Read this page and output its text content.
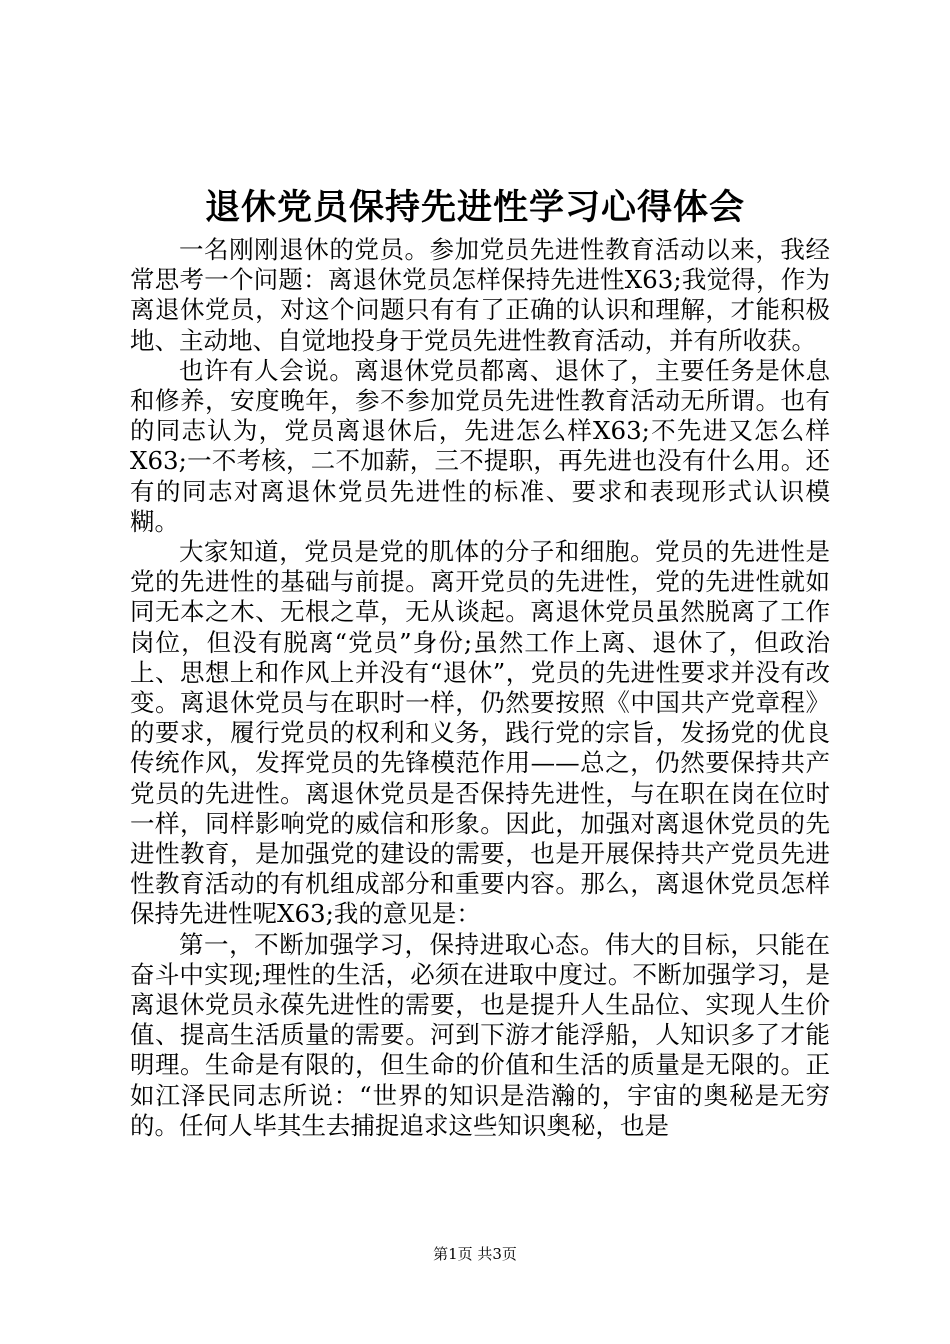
退休党员保持先进性学习心得体会

一名刚刚退休的党员。参加党员先进性教育活动以来，我经常思考一个问题：离退休党员怎样保持先进性X63;我觉得，作为离退休党员，对这个问题只有有了正确的认识和理解，才能积极地、主动地、自觉地投身于党员先进性教育活动，并有所收获。

也许有人会说。离退休党员都离、退休了，主要任务是休息和修养，安度晚年，参不参加党员先进性教育活动无所谓。也有的同志认为，党员离退休后，先进怎么样X63;不先进又怎么样X63;一不考核，二不加薪，三不提职，再先进也没有什么用。还有的同志对离退休党员先进性的标准、要求和表现形式认识模糊。

大家知道，党员是党的肌体的分子和细胞。党员的先进性是党的先进性的基础与前提。离开党员的先进性，党的先进性就如同无本之木、无根之草，无从谈起。离退休党员虽然脱离了工作岗位，但没有脱离“党员”身份;虽然工作上离、退休了，但政治上、思想上和作风上并没有“退休”，党员的先进性要求并没有改变。离退休党员与在职时一样，仍然要按照《中国共产党章程》的要求，履行党员的权利和义务，践行党的宗旨，发扬党的优良传统作风，发挥党员的先锋模范作用——总之，仍然要保持共产党员的先进性。离退休党员是否保持先进性，与在职在岗在位时一样，同样影响党的威信和形象。因此，加强对离退休党员的先进性教育，是加强党的建设的需要，也是开展保持共产党员先进性教育活动的有机组成部分和重要内容。那么，离退休党员怎样保持先进性呢X63;我的意见是：

第一，不断加强学习，保持进取心态。伟大的目标，只能在奋斗中实现;理性的生活，必须在进取中度过。不断加强学习，是离退休党员永葆先进性的需要，也是提升人生品位、实现人生价值、提高生活质量的需要。河到下游才能浮船，人知识多了才能明理。生命是有限的，但生命的价值和生活的质量是无限的。正如江泽民同志所说：“世界的知识是浩瀚的，宇宙的奥秘是无穷的。任何人毕其生去捕捉追求这些知识奥秘，也是

第1页 共3页
